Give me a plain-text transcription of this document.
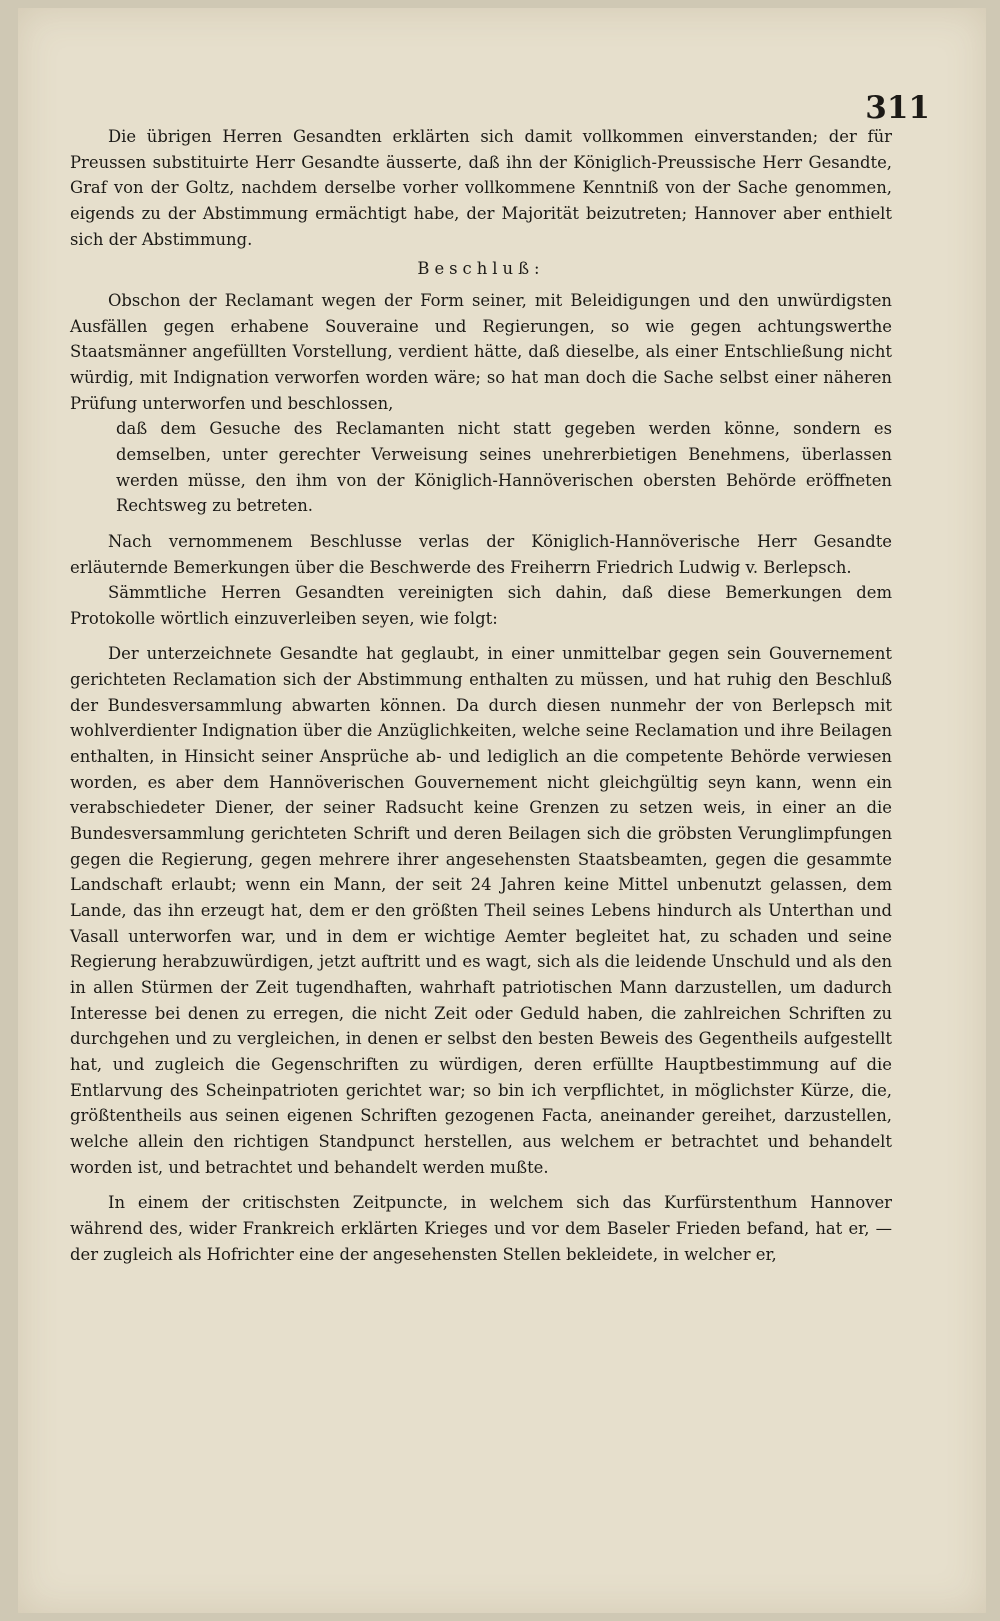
311

Die übrigen Herren Gesandten erklärten sich damit vollkommen einverstanden; der für Preussen substituirte Herr Gesandte äusserte, daß ihn der Königlich-Preussische Herr Gesandte, Graf von der Goltz, nachdem derselbe vorher vollkommene Kenntniß von der Sache genommen, eigends zu der Abstimmung ermächtigt habe, der Majorität beizutreten; Hannover aber enthielt sich der Abstimmung.

Beschluß:

Obschon der Reclamant wegen der Form seiner, mit Beleidigungen und den unwürdigsten Ausfällen gegen erhabene Souveraine und Regierungen, so wie gegen achtungswerthe Staatsmänner angefüllten Vorstellung, verdient hätte, daß dieselbe, als einer Entschließung nicht würdig, mit Indignation verworfen worden wäre; so hat man doch die Sache selbst einer näheren Prüfung unterworfen und beschlossen,

daß dem Gesuche des Reclamanten nicht statt gegeben werden könne, sondern es demselben, unter gerechter Verweisung seines unehrerbietigen Benehmens, überlassen werden müsse, den ihm von der Königlich-Hannöverischen obersten Behörde eröffneten Rechtsweg zu betreten.

Nach vernommenem Beschlusse verlas der Königlich-Hannöverische Herr Gesandte erläuternde Bemerkungen über die Beschwerde des Freiherrn Friedrich Ludwig v. Berlepsch.

Sämmtliche Herren Gesandten vereinigten sich dahin, daß diese Bemerkungen dem Protokolle wörtlich einzuverleiben seyen, wie folgt:

Der unterzeichnete Gesandte hat geglaubt, in einer unmittelbar gegen sein Gouvernement gerichteten Reclamation sich der Abstimmung enthalten zu müssen, und hat ruhig den Beschluß der Bundesversammlung abwarten können. Da durch diesen nunmehr der von Berlepsch mit wohlverdienter Indignation über die Anzüglichkeiten, welche seine Reclamation und ihre Beilagen enthalten, in Hinsicht seiner Ansprüche ab- und lediglich an die competente Behörde verwiesen worden, es aber dem Hannöverischen Gouvernement nicht gleichgültig seyn kann, wenn ein verabschiedeter Diener, der seiner Radsucht keine Grenzen zu setzen weis, in einer an die Bundesversammlung gerichteten Schrift und deren Beilagen sich die gröbsten Verunglimpfungen gegen die Regierung, gegen mehrere ihrer angesehensten Staatsbeamten, gegen die gesammte Landschaft erlaubt; wenn ein Mann, der seit 24 Jahren keine Mittel unbenutzt gelassen, dem Lande, das ihn erzeugt hat, dem er den größten Theil seines Lebens hindurch als Unterthan und Vasall unterworfen war, und in dem er wichtige Aemter begleitet hat, zu schaden und seine Regierung herabzuwürdigen, jetzt auftritt und es wagt, sich als die leidende Unschuld und als den in allen Stürmen der Zeit tugendhaften, wahrhaft patriotischen Mann darzustellen, um dadurch Interesse bei denen zu erregen, die nicht Zeit oder Geduld haben, die zahlreichen Schriften zu durchgehen und zu vergleichen, in denen er selbst den besten Beweis des Gegentheils aufgestellt hat, und zugleich die Gegenschriften zu würdigen, deren erfüllte Hauptbestimmung auf die Entlarvung des Scheinpatrioten gerichtet war; so bin ich verpflichtet, in möglichster Kürze, die, größtentheils aus seinen eigenen Schriften gezogenen Facta, aneinander gereihet, darzustellen, welche allein den richtigen Standpunct herstellen, aus welchem er betrachtet und behandelt worden ist, und betrachtet und behandelt werden mußte.

In einem der critischsten Zeitpuncte, in welchem sich das Kurfürstenthum Hannover während des, wider Frankreich erklärten Krieges und vor dem Baseler Frieden befand, hat er, — der zugleich als Hofrichter eine der angesehensten Stellen bekleidete, in welcher er,
